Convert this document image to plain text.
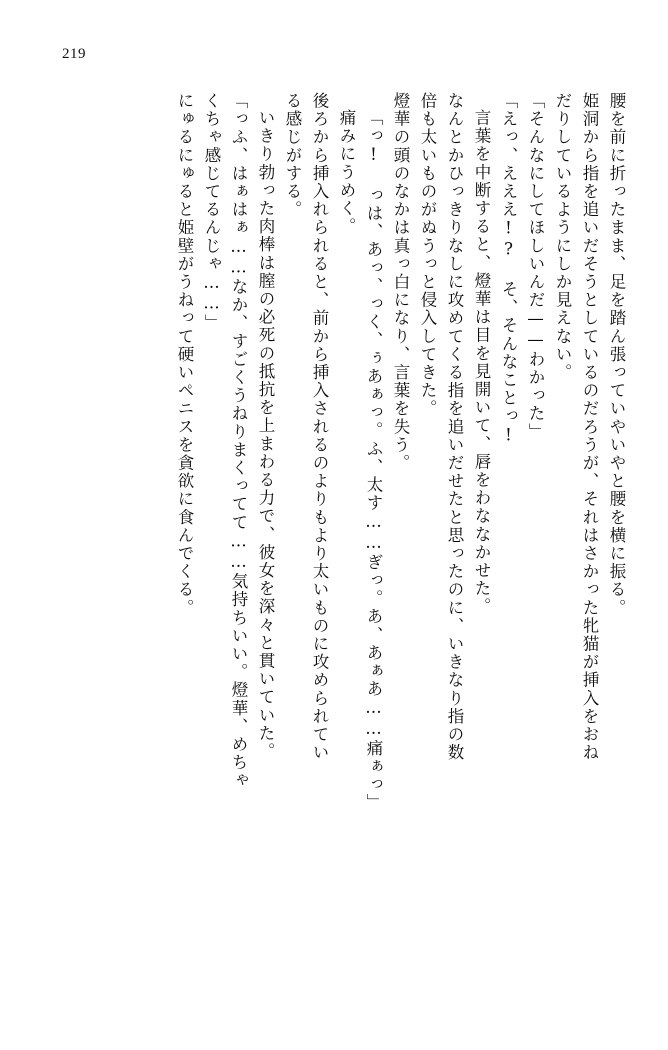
219
腰を前に折ったまま、足を踏ん張っていやいやと腰を横に振る。
姫洞から指を追いだそうとしているのだろうが、それはさかった牝猫が挿入をおね
だりしているようにしか見えない。
「そんなにしてほしいんだ——わかった」
「えっ、えええ!? そ、そんなことっ!
言葉を中断すると、燈華は目を見開いて、唇をわななかせた。
なんとかひっきりなしに攻めてくる指を追いだせたと思ったのに、いきなり指の数
倍も太いものがぬうっと侵入してきた。
燈華の頭のなかは真っ白になり、言葉を失う。
「っ! っは、あっ、っく、ぅあぁっ。ふ、太す……ぎっ。あ、あぁあ……痛ぁっ」
痛みにうめく。
後ろから挿入れられると、前から挿入されるのよりもより太いものに攻められてい
る感じがする。
いきり勃った肉棒は膣の必死の抵抗を上まわる力で、彼女を深々と貫いていた。
「っふ、はぁはぁ……なか、すごくうねりまくってて……気持ちいい。燈華、めちゃ
くちゃ感じてるんじゃ……」
にゅるにゅると姫壁がうねって硬いペニスを貪欲に食んでくる。
